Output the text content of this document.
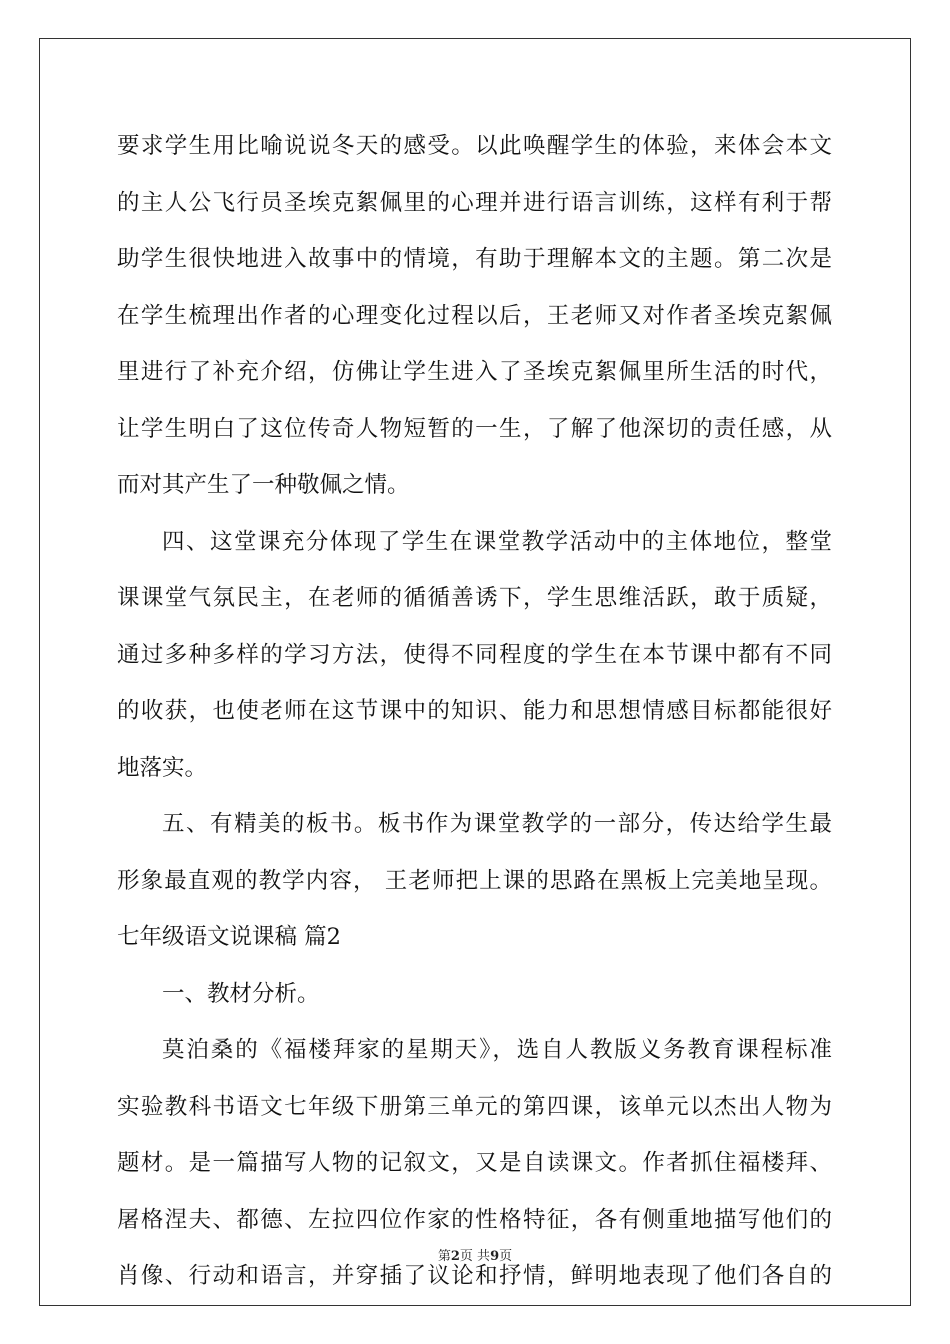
要求学生用比喻说说冬天的感受。以此唤醒学生的体验，来体会本文
的主人公飞行员圣埃克絮佩里的心理并进行语言训练，这样有利于帮
助学生很快地进入故事中的情境，有助于理解本文的主题。第二次是
在学生梳理出作者的心理变化过程以后，王老师又对作者圣埃克絮佩
里进行了补充介绍，仿佛让学生进入了圣埃克絮佩里所生活的时代，
让学生明白了这位传奇人物短暂的一生，了解了他深切的责任感，从
而对其产生了一种敬佩之情。
四、这堂课充分体现了学生在课堂教学活动中的主体地位，整堂
课课堂气氛民主，在老师的循循善诱下，学生思维活跃，敢于质疑，
通过多种多样的学习方法，使得不同程度的学生在本节课中都有不同
的收获，也使老师在这节课中的知识、能力和思想情感目标都能很好
地落实。
五、有精美的板书。板书作为课堂教学的一部分，传达给学生最
形象最直观的教学内容， 王老师把上课的思路在黑板上完美地呈现。
七年级语文说课稿 篇2
一、教材分析。
莫泊桑的《福楼拜家的星期天》，选自人教版义务教育课程标准
实验教科书语文七年级下册第三单元的第四课，该单元以杰出人物为
题材。是一篇描写人物的记叙文，又是自读课文。作者抓住福楼拜、
屠格涅夫、都德、左拉四位作家的性格特征，各有侧重地描写他们的
肖像、行动和语言，并穿插了议论和抒情，鲜明地表现了他们各自的
第2页 共9页
